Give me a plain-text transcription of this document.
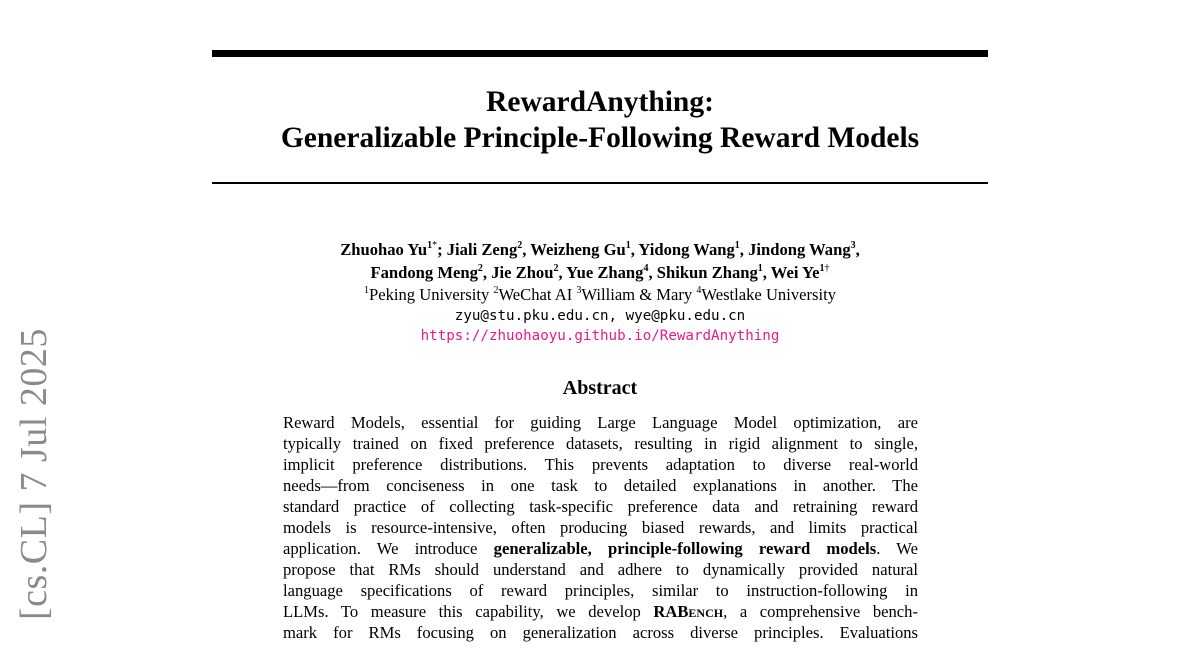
RewardAnything:
Generalizable Principle-Following Reward Models
Zhuohao $Yu^{1*}$; Jiali Zeng$^2$, Weizheng Gu$^1$, Yidong Wang$^1$, Jindong Wang$^3$,
Fandong Meng$^2$, Jie Zhou$^2$, Yue Zhang$^4$, Shikun Zhang$^1$, Wei $Ye^{1\dagger}$
$^1$Peking University $^2$WeChat AI $^3$William & Mary $^4$Westlake University
zyu@stu.pku.edu.cn, wye@pku.edu.cn
https://zhuohaoyu.github.io/RewardAnything
Abstract
Reward Models, essential for guiding Large Language Model optimization, are
typically trained on fixed preference datasets, resulting in rigid alignment to single,
implicit preference distributions. This prevents adaptation to diverse real-world
needs—from conciseness in one task to detailed explanations in another. The
standard practice of collecting task-specific preference data and retraining reward
models is resource-intensive, often producing biased rewards, and limits practical
application. We introduce generalizable, principle-following reward models. We
propose that RMs should understand and adhere to dynamically provided natural
language specifications of reward principles, similar to instruction-following in
LLMs. To measure this capability, we develop RABench, a comprehensive bench-
mark for RMs focusing on generalization across diverse principles. Evaluations
[cs.CL] 7 Jul 2025
